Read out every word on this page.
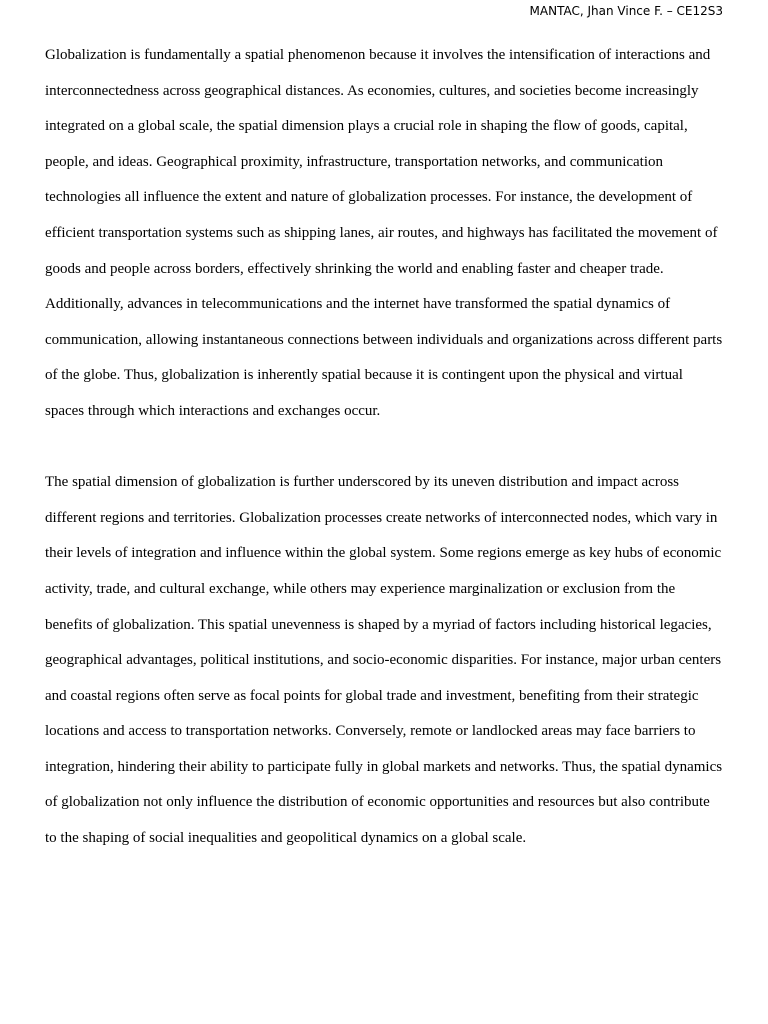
MANTAC, Jhan Vince F. – CE12S3

Globalization is fundamentally a spatial phenomenon because it involves the intensification of interactions and interconnectedness across geographical distances. As economies, cultures, and societies become increasingly integrated on a global scale, the spatial dimension plays a crucial role in shaping the flow of goods, capital, people, and ideas. Geographical proximity, infrastructure, transportation networks, and communication technologies all influence the extent and nature of globalization processes. For instance, the development of efficient transportation systems such as shipping lanes, air routes, and highways has facilitated the movement of goods and people across borders, effectively shrinking the world and enabling faster and cheaper trade. Additionally, advances in telecommunications and the internet have transformed the spatial dynamics of communication, allowing instantaneous connections between individuals and organizations across different parts of the globe. Thus, globalization is inherently spatial because it is contingent upon the physical and virtual spaces through which interactions and exchanges occur.

The spatial dimension of globalization is further underscored by its uneven distribution and impact across different regions and territories. Globalization processes create networks of interconnected nodes, which vary in their levels of integration and influence within the global system. Some regions emerge as key hubs of economic activity, trade, and cultural exchange, while others may experience marginalization or exclusion from the benefits of globalization. This spatial unevenness is shaped by a myriad of factors including historical legacies, geographical advantages, political institutions, and socio-economic disparities. For instance, major urban centers and coastal regions often serve as focal points for global trade and investment, benefiting from their strategic locations and access to transportation networks. Conversely, remote or landlocked areas may face barriers to integration, hindering their ability to participate fully in global markets and networks. Thus, the spatial dynamics of globalization not only influence the distribution of economic opportunities and resources but also contribute to the shaping of social inequalities and geopolitical dynamics on a global scale.
